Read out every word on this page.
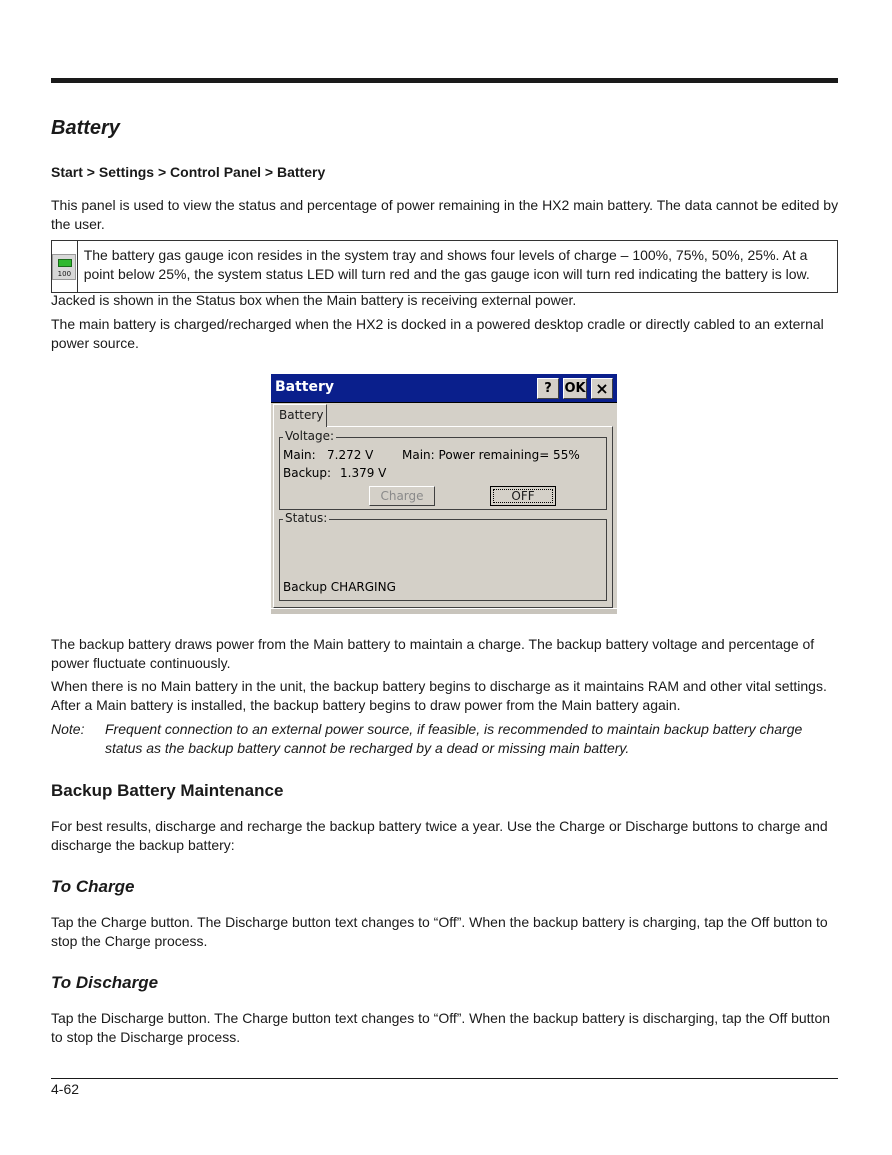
Battery
Start > Settings > Control Panel > Battery

This panel is used to view the status and percentage of power remaining in the HX2 main battery. The data cannot be edited by the user.

100
The battery gas gauge icon resides in the system tray and shows four levels of charge – 100%, 75%, 50%, 25%. At a point below 25%, the system status LED will turn red and the gas gauge icon will turn red indicating the battery is low.

Jacked is shown in the Status box when the Main battery is receiving external power.

The main battery is charged/recharged when the HX2 is docked in a powered desktop cradle or directly cabled to an external power source.

Battery	? OK ×
Battery
Voltage:
Main: 7.272 V Main: Power remaining= 55%
Backup: 1.379 V
Charge	OFF
Status:
Backup CHARGING

The backup battery draws power from the Main battery to maintain a charge. The backup battery voltage and percentage of power fluctuate continuously.

When there is no Main battery in the unit, the backup battery begins to discharge as it maintains RAM and other vital settings. After a Main battery is installed, the backup battery begins to draw power from the Main battery again.

Note: Frequent connection to an external power source, if feasible, is recommended to maintain backup battery charge status as the backup battery cannot be recharged by a dead or missing main battery.
Backup Battery Maintenance

For best results, discharge and recharge the backup battery twice a year. Use the Charge or Discharge buttons to charge and discharge the backup battery:

To Charge

Tap the Charge button. The Discharge button text changes to “Off”. When the backup battery is charging, tap the Off button to stop the Charge process.

To Discharge

Tap the Discharge button. The Charge button text changes to “Off”. When the backup battery is discharging, tap the Off button to stop the Discharge process.

4-62
